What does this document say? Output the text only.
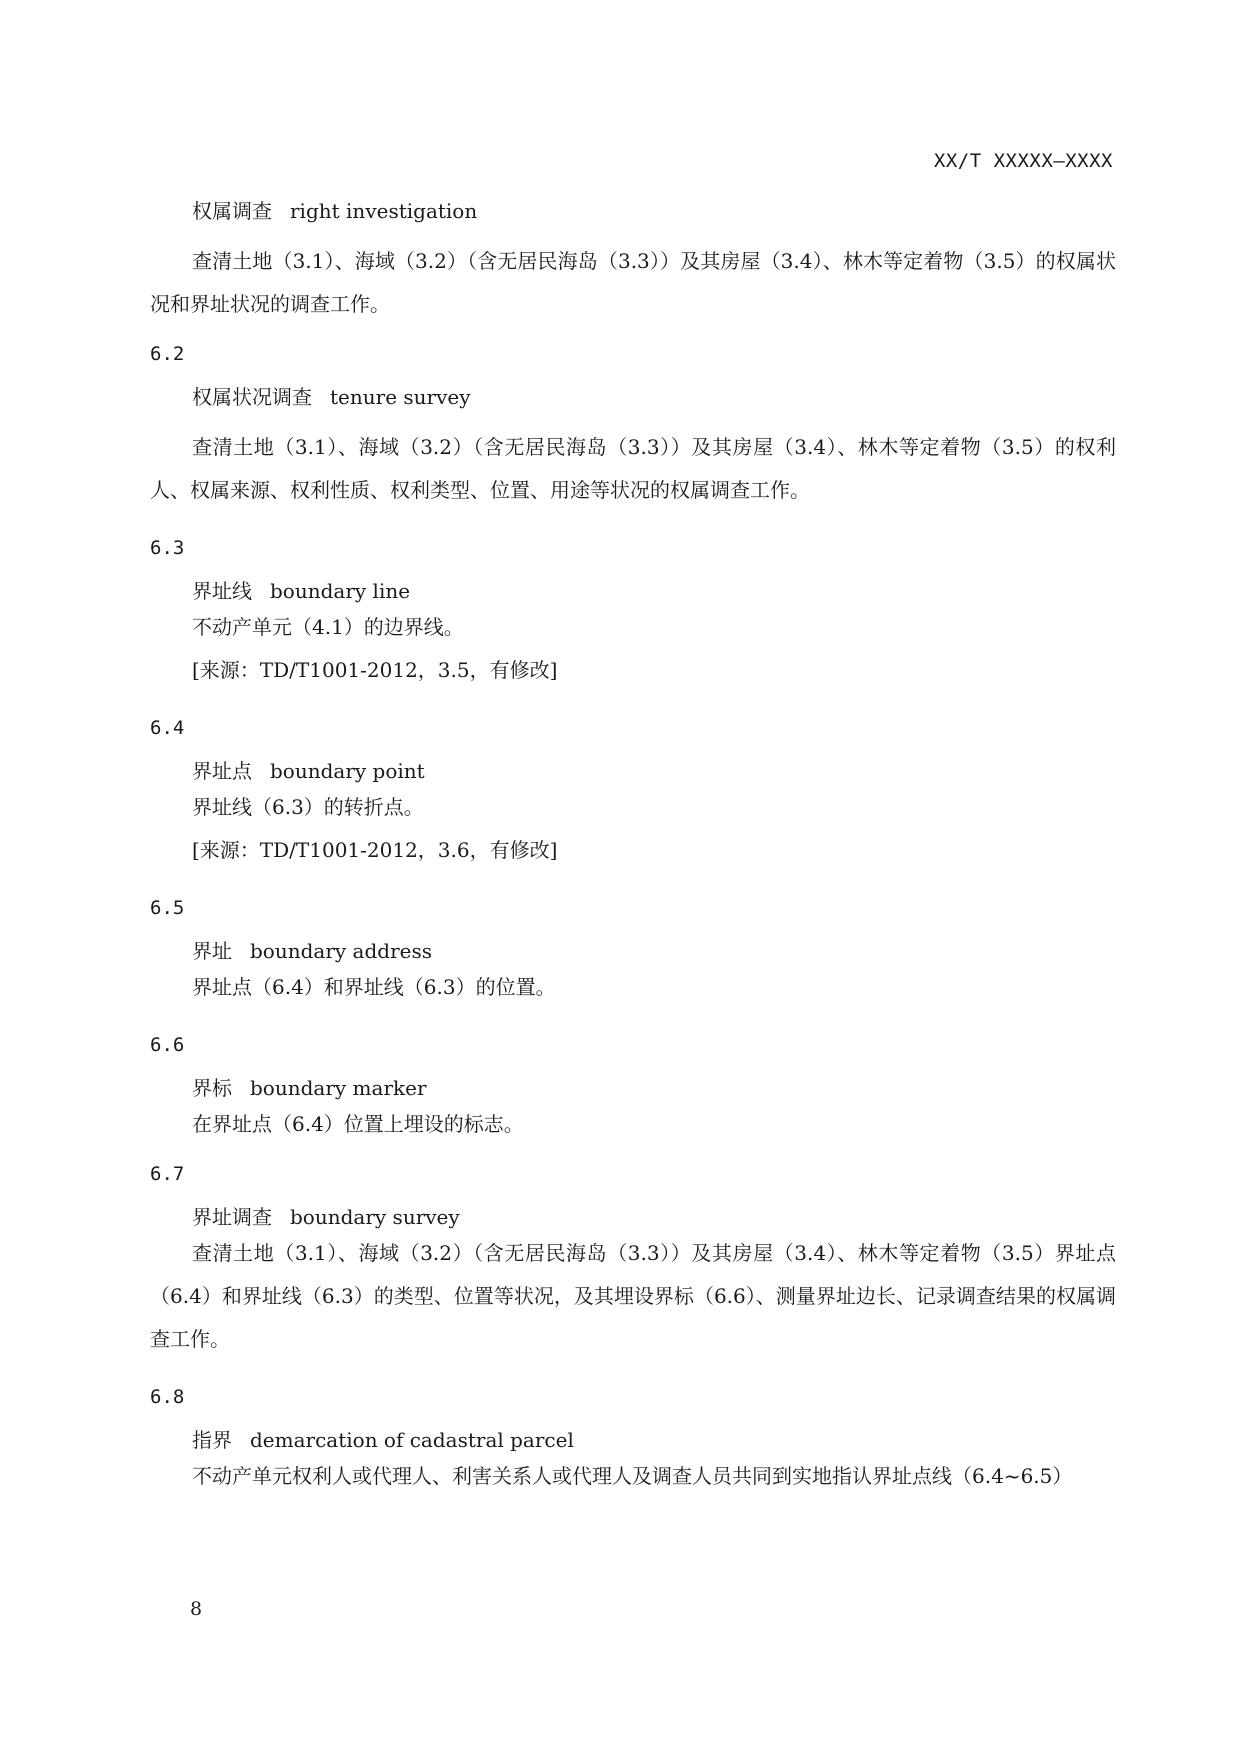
XX/T XXXXX—XXXX

权属调查 right investigation

查清土地（3.1）、海域（3.2）（含无居民海岛（3.3））及其房屋（3.4）、林木等定着物（3.5）的权属状况和界址状况的调查工作。

6.2

权属状况调查 tenure survey

查清土地（3.1）、海域（3.2）（含无居民海岛（3.3））及其房屋（3.4）、林木等定着物（3.5）的权利人、权属来源、权利性质、权利类型、位置、用途等状况的权属调查工作。

6.3

界址线 boundary line

不动产单元（4.1）的边界线。

[来源：TD/T1001-2012，3.5，有修改]

6.4

界址点 boundary point

界址线（6.3）的转折点。

[来源：TD/T1001-2012，3.6，有修改]

6.5

界址 boundary address

界址点（6.4）和界址线（6.3）的位置。

6.6

界标 boundary marker

在界址点（6.4）位置上埋设的标志。

6.7

界址调查 boundary survey

查清土地（3.1）、海域（3.2）（含无居民海岛（3.3））及其房屋（3.4）、林木等定着物（3.5）界址点（6.4）和界址线（6.3）的类型、位置等状况，及其埋设界标（6.6）、测量界址边长、记录调查结果的权属调查工作。

6.8

指界 demarcation of cadastral parcel

不动产单元权利人或代理人、利害关系人或代理人及调查人员共同到实地指认界址点线（6.4~6.5）

8
